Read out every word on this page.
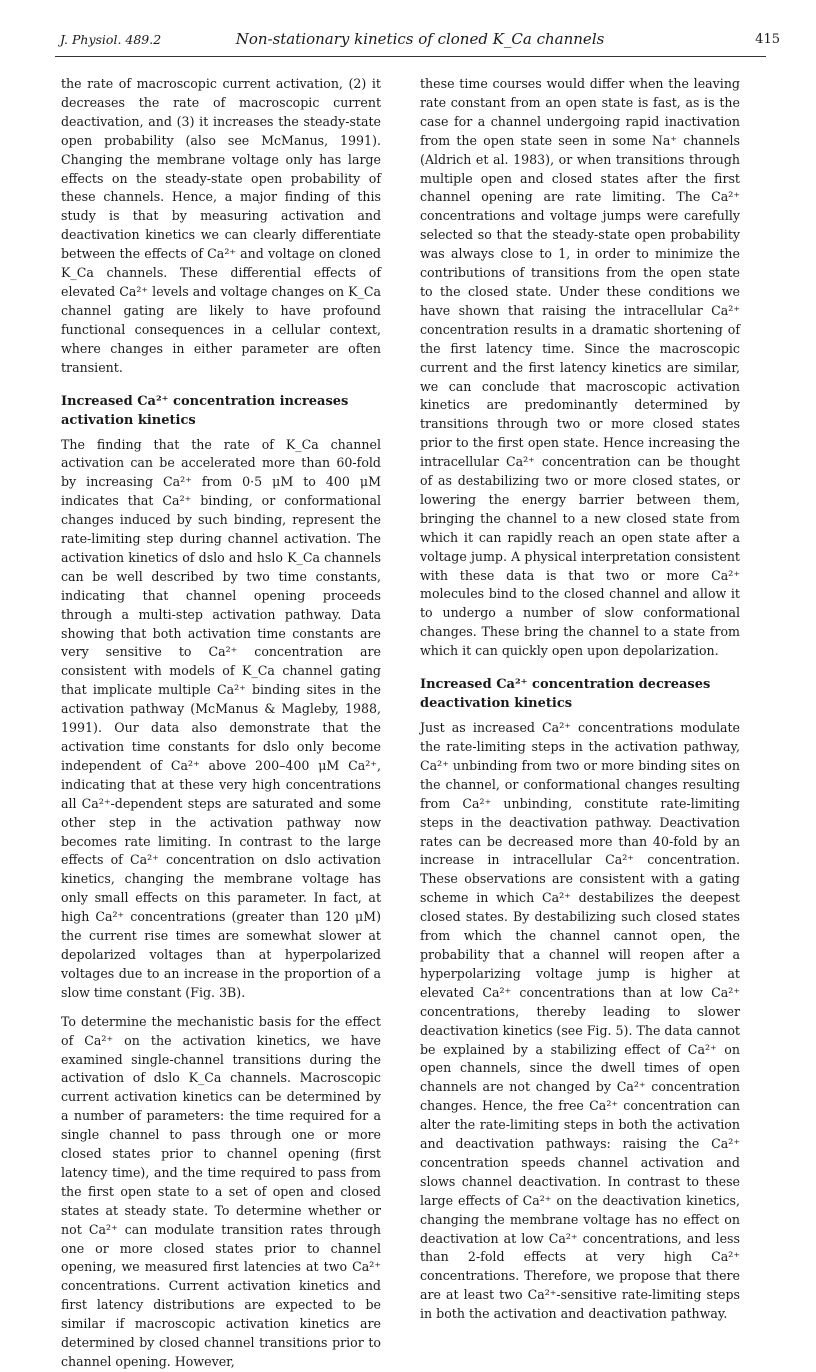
J. Physiol. 489.2	Non-stationary kinetics of cloned K_Ca channels	415

the rate of macroscopic current activation, (2) it decreases the rate of macroscopic current deactivation, and (3) it increases the steady-state open probability (also see McManus, 1991). Changing the membrane voltage only has large effects on the steady-state open probability of these channels. Hence, a major finding of this study is that by measuring activation and deactivation kinetics we can clearly differentiate between the effects of Ca²⁺ and voltage on cloned K_Ca channels. These differential effects of elevated Ca²⁺ levels and voltage changes on K_Ca channel gating are likely to have profound functional consequences in a cellular context, where changes in either parameter are often transient.

Increased Ca²⁺ concentration increases activation kinetics

The finding that the rate of K_Ca channel activation can be accelerated more than 60-fold by increasing Ca²⁺ from 0·5 μM to 400 μM indicates that Ca²⁺ binding, or conformational changes induced by such binding, represent the rate-limiting step during channel activation. The activation kinetics of dslo and hslo K_Ca channels can be well described by two time constants, indicating that channel opening proceeds through a multi-step activation pathway. Data showing that both activation time constants are very sensitive to Ca²⁺ concentration are consistent with models of K_Ca channel gating that implicate multiple Ca²⁺ binding sites in the activation pathway (McManus & Magleby, 1988, 1991). Our data also demonstrate that the activation time constants for dslo only become independent of Ca²⁺ above 200–400 μM Ca²⁺, indicating that at these very high concentrations all Ca²⁺-dependent steps are saturated and some other step in the activation pathway now becomes rate limiting. In contrast to the large effects of Ca²⁺ concentration on dslo activation kinetics, changing the membrane voltage has only small effects on this parameter. In fact, at high Ca²⁺ concentrations (greater than 120 μM) the current rise times are somewhat slower at depolarized voltages than at hyperpolarized voltages due to an increase in the proportion of a slow time constant (Fig. 3B).

To determine the mechanistic basis for the effect of Ca²⁺ on the activation kinetics, we have examined single-channel transitions during the activation of dslo K_Ca channels. Macroscopic current activation kinetics can be determined by a number of parameters: the time required for a single channel to pass through one or more closed states prior to channel opening (first latency time), and the time required to pass from the first open state to a set of open and closed states at steady state. To determine whether or not Ca²⁺ can modulate transition rates through one or more closed states prior to channel opening, we measured first latencies at two Ca²⁺ concentrations. Current activation kinetics and first latency distributions are expected to be similar if macroscopic activation kinetics are determined by closed channel transitions prior to channel opening. However,

these time courses would differ when the leaving rate constant from an open state is fast, as is the case for a channel undergoing rapid inactivation from the open state seen in some Na⁺ channels (Aldrich et al. 1983), or when transitions through multiple open and closed states after the first channel opening are rate limiting. The Ca²⁺ concentrations and voltage jumps were carefully selected so that the steady-state open probability was always close to 1, in order to minimize the contributions of transitions from the open state to the closed state. Under these conditions we have shown that raising the intracellular Ca²⁺ concentration results in a dramatic shortening of the first latency time. Since the macroscopic current and the first latency kinetics are similar, we can conclude that macroscopic activation kinetics are predominantly determined by transitions through two or more closed states prior to the first open state. Hence increasing the intracellular Ca²⁺ concentration can be thought of as destabilizing two or more closed states, or lowering the energy barrier between them, bringing the channel to a new closed state from which it can rapidly reach an open state after a voltage jump. A physical interpretation consistent with these data is that two or more Ca²⁺ molecules bind to the closed channel and allow it to undergo a number of slow conformational changes. These bring the channel to a state from which it can quickly open upon depolarization.

Increased Ca²⁺ concentration decreases deactivation kinetics

Just as increased Ca²⁺ concentrations modulate the rate-limiting steps in the activation pathway, Ca²⁺ unbinding from two or more binding sites on the channel, or conformational changes resulting from Ca²⁺ unbinding, constitute rate-limiting steps in the deactivation pathway. Deactivation rates can be decreased more than 40-fold by an increase in intracellular Ca²⁺ concentration. These observations are consistent with a gating scheme in which Ca²⁺ destabilizes the deepest closed states. By destabilizing such closed states from which the channel cannot open, the probability that a channel will reopen after a hyperpolarizing voltage jump is higher at elevated Ca²⁺ concentrations than at low Ca²⁺ concentrations, thereby leading to slower deactivation kinetics (see Fig. 5). The data cannot be explained by a stabilizing effect of Ca²⁺ on open channels, since the dwell times of open channels are not changed by Ca²⁺ concentration changes. Hence, the free Ca²⁺ concentration can alter the rate-limiting steps in both the activation and deactivation pathways: raising the Ca²⁺ concentration speeds channel activation and slows channel deactivation. In contrast to these large effects of Ca²⁺ on the deactivation kinetics, changing the membrane voltage has no effect on deactivation at low Ca²⁺ concentrations, and less than 2-fold effects at very high Ca²⁺ concentrations. Therefore, we propose that there are at least two Ca²⁺-sensitive rate-limiting steps in both the activation and deactivation pathway.
